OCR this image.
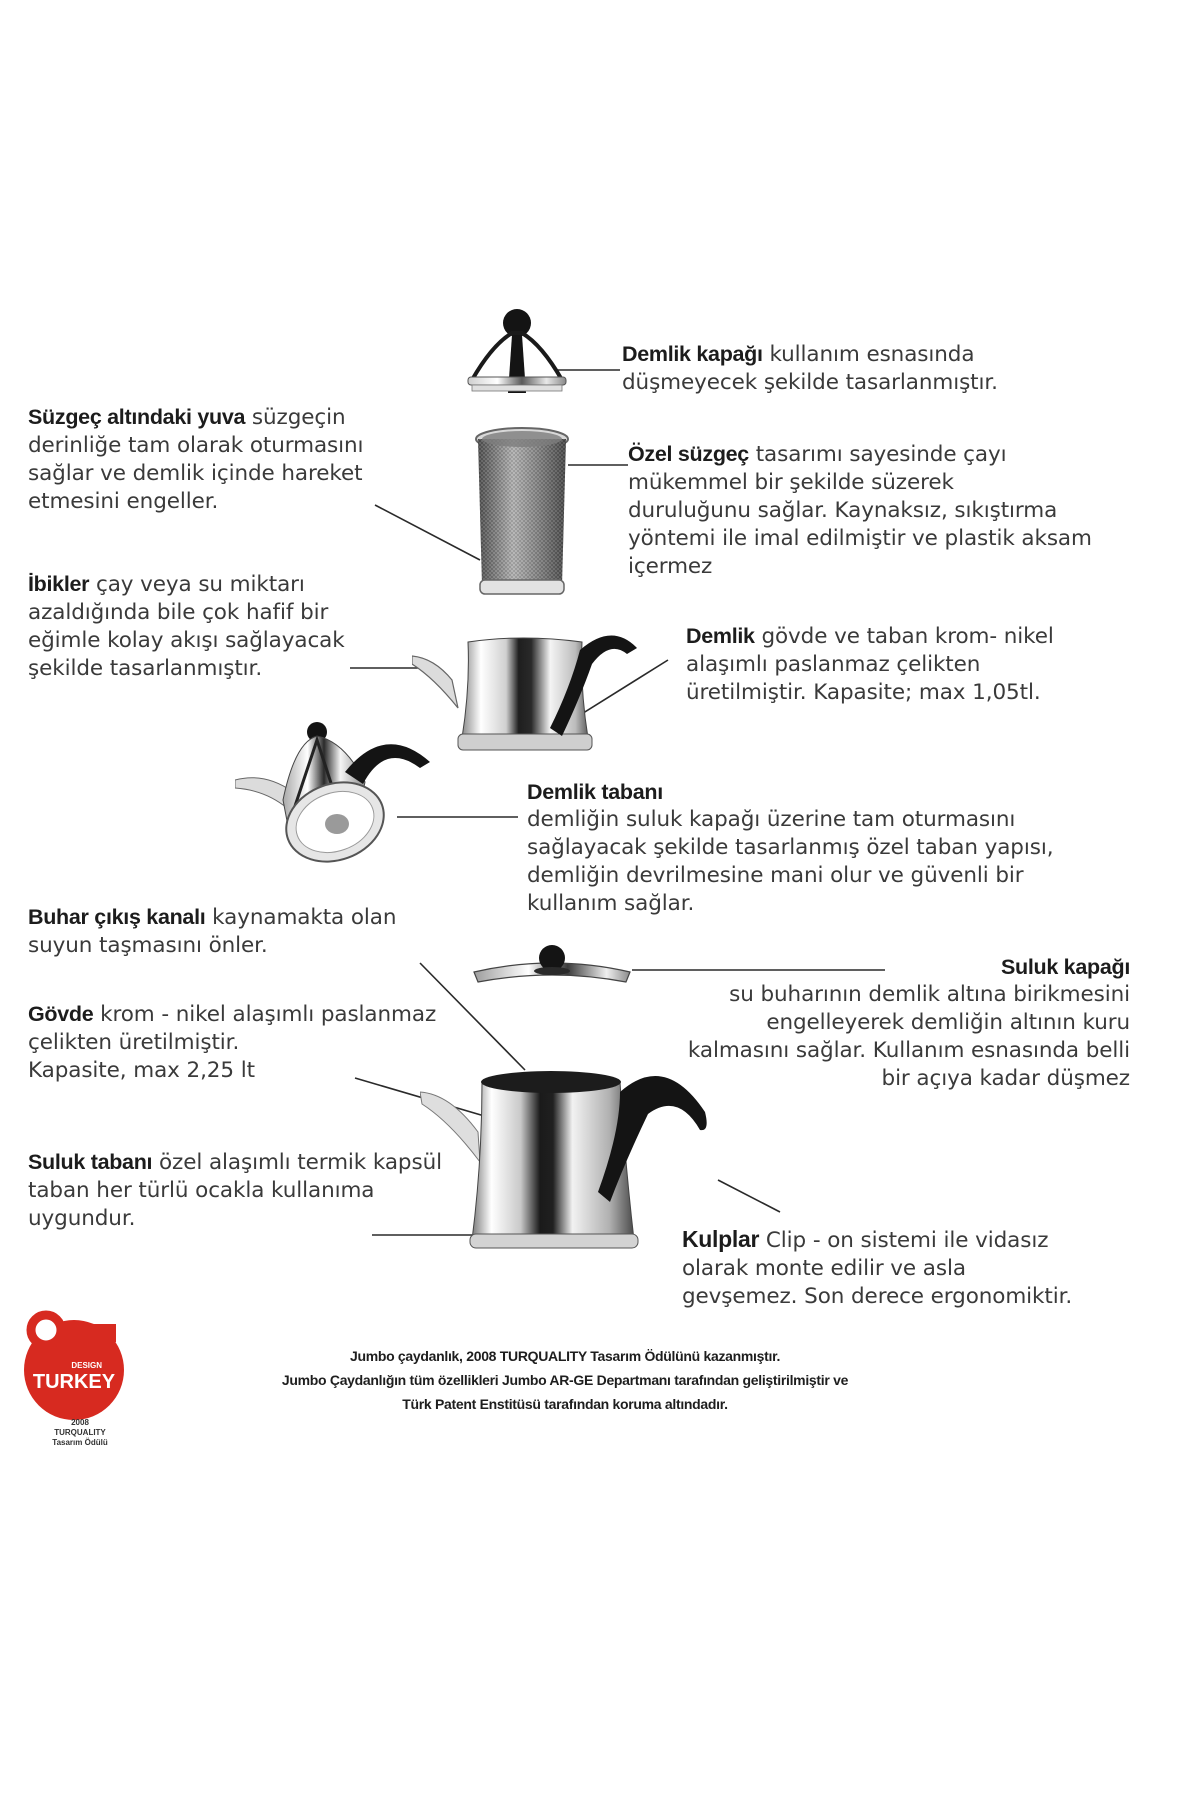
Demlik kapağı kullanım esnasında
düşmeyecek şekilde tasarlanmıştır.
Süzgeç altındaki yuva süzgeçin
derinliğe tam olarak oturmasını
sağlar ve demlik içinde hareket
etmesini engeller.
Özel süzgeç tasarımı sayesinde çayı
mükemmel bir şekilde süzerek
duruluğunu sağlar. Kaynaksız, sıkıştırma
yöntemi ile imal edilmiştir ve plastik aksam
içermez
İbikler çay veya su miktarı
azaldığında bile çok hafif bir
eğimle kolay akışı sağlayacak
şekilde tasarlanmıştır.
Demlik gövde ve taban krom- nikel
alaşımlı paslanmaz çelikten
üretilmiştir. Kapasite; max 1,05tl.
Demlik tabanı
demliğin suluk kapağı üzerine tam oturmasını
sağlayacak şekilde tasarlanmış özel taban yapısı,
demliğin devrilmesine mani olur ve güvenli bir
kullanım sağlar.
Buhar çıkış kanalı kaynamakta olan
suyun taşmasını önler.
Suluk kapağı
su buharının demlik altına birikmesini
engelleyerek demliğin altının kuru
kalmasını sağlar. Kullanım esnasında belli
bir açıya kadar düşmez
Gövde krom - nikel alaşımlı paslanmaz
çelikten üretilmiştir.
Kapasite, max 2,25 lt
Suluk tabanı özel alaşımlı termik kapsül
taban her türlü ocakla kullanıma
uygundur.
Kulplar Clip - on sistemi ile vidasız
olarak monte edilir ve asla
gevşemez. Son derece ergonomiktir.
DESIGN
TURKEY
2008
TURQUALITY
Tasarım Ödülü
Jumbo çaydanlık, 2008 TURQUALITY Tasarım Ödülünü kazanmıştır.
Jumbo Çaydanlığın tüm özellikleri Jumbo AR-GE Departmanı tarafından geliştirilmiştir ve
Türk Patent Enstitüsü tarafından koruma altındadır.
